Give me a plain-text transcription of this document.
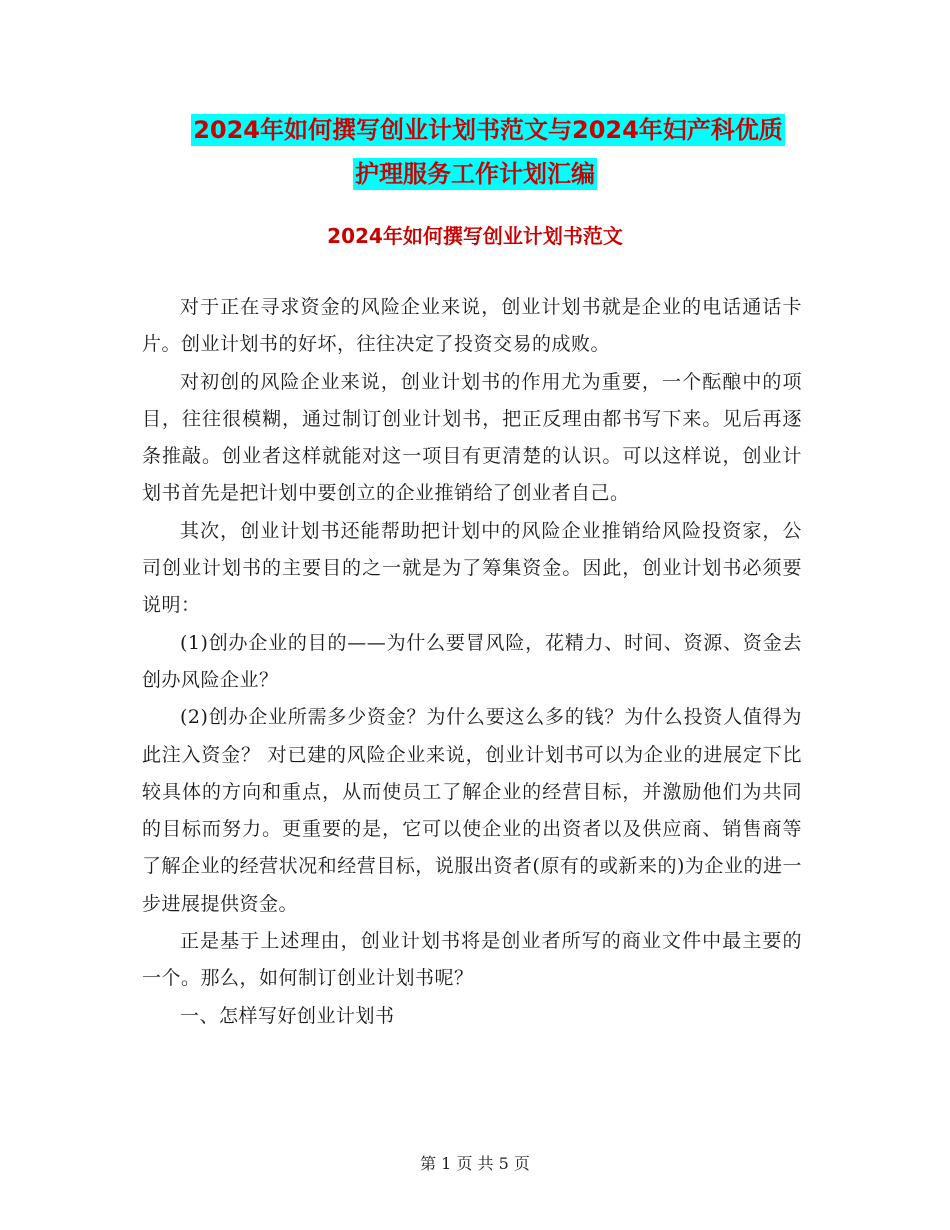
2024年如何撰写创业计划书范文与2024年妇产科优质
护理服务工作计划汇编
2024年如何撰写创业计划书范文

对于正在寻求资金的风险企业来说，创业计划书就是企业的电话通话卡片。创业计划书的好坏，往往决定了投资交易的成败。

对初创的风险企业来说，创业计划书的作用尤为重要，一个酝酿中的项目，往往很模糊，通过制订创业计划书，把正反理由都书写下来。见后再逐条推敲。创业者这样就能对这一项目有更清楚的认识。可以这样说，创业计划书首先是把计划中要创立的企业推销给了创业者自己。

其次，创业计划书还能帮助把计划中的风险企业推销给风险投资家，公司创业计划书的主要目的之一就是为了筹集资金。因此，创业计划书必须要说明：

(1)创办企业的目的——为什么要冒风险，花精力、时间、资源、资金去创办风险企业？

(2)创办企业所需多少资金？为什么要这么多的钱？为什么投资人值得为此注入资金？ 对已建的风险企业来说，创业计划书可以为企业的进展定下比较具体的方向和重点，从而使员工了解企业的经营目标，并激励他们为共同的目标而努力。更重要的是，它可以使企业的出资者以及供应商、销售商等了解企业的经营状况和经营目标，说服出资者(原有的或新来的)为企业的进一步进展提供资金。

正是基于上述理由，创业计划书将是创业者所写的商业文件中最主要的一个。那么，如何制订创业计划书呢？

一、怎样写好创业计划书

第 1 页 共 5 页
